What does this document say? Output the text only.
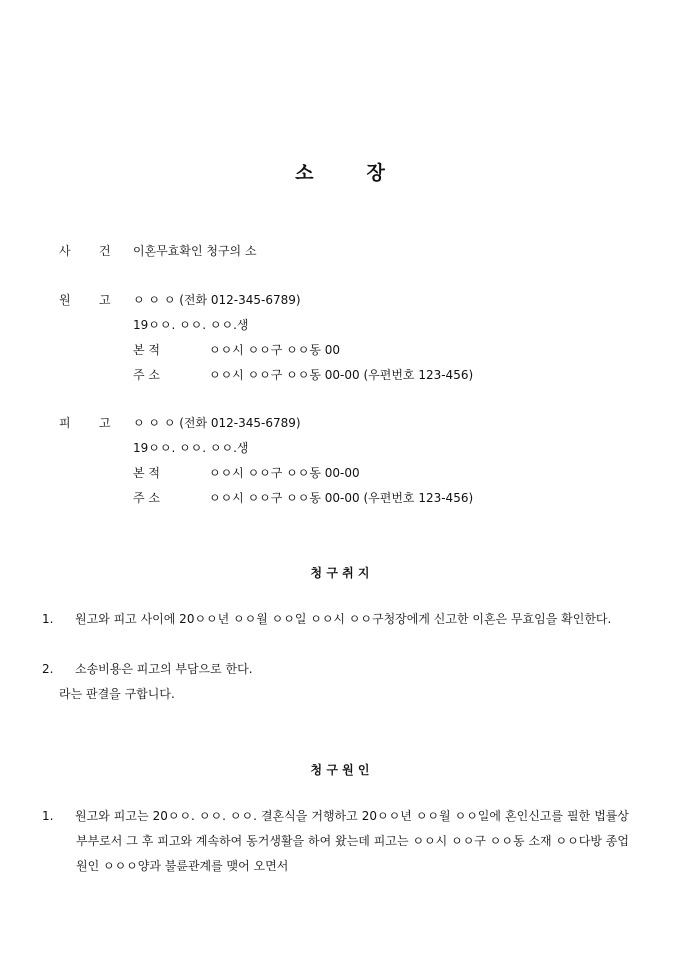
소        장
사 건 이혼무효확인 청구의 소
원 고 ㅇ ㅇ ㅇ (전화 012-345-6789)
19ㅇㅇ. ㅇㅇ. ㅇㅇ.생
본 적	ㅇㅇ시 ㅇㅇ구 ㅇㅇ동 00
주 소	ㅇㅇ시 ㅇㅇ구 ㅇㅇ동 00-00 (우편번호 123-456)
피 고 ㅇ ㅇ ㅇ (전화 012-345-6789)
19ㅇㅇ. ㅇㅇ. ㅇㅇ.생
본 적	ㅇㅇ시 ㅇㅇ구 ㅇㅇ동 00-00
주 소	ㅇㅇ시 ㅇㅇ구 ㅇㅇ동 00-00 (우편번호 123-456)
청 구 취 지
1. 원고와 피고 사이에 20ㅇㅇ년 ㅇㅇ월 ㅇㅇ일 ㅇㅇ시 ㅇㅇ구청장에게 신고한 이혼은 무효임을 확인한다.
2. 소송비용은 피고의 부담으로 한다.
라는 판결을 구합니다.
청 구 원 인
1. 원고와 피고는 20ㅇㅇ. ㅇㅇ. ㅇㅇ. 결혼식을 거행하고 20ㅇㅇ년 ㅇㅇ월 ㅇㅇ일에 혼인신고를 필한 법률상 부부로서 그 후 피고와 계속하여 동거생활을 하여 왔는데 피고는 ㅇㅇ시 ㅇㅇ구 ㅇㅇ동 소재 ㅇㅇ다방 종업원인 ㅇㅇㅇ양과 불륜관계를 맺어 오면서
